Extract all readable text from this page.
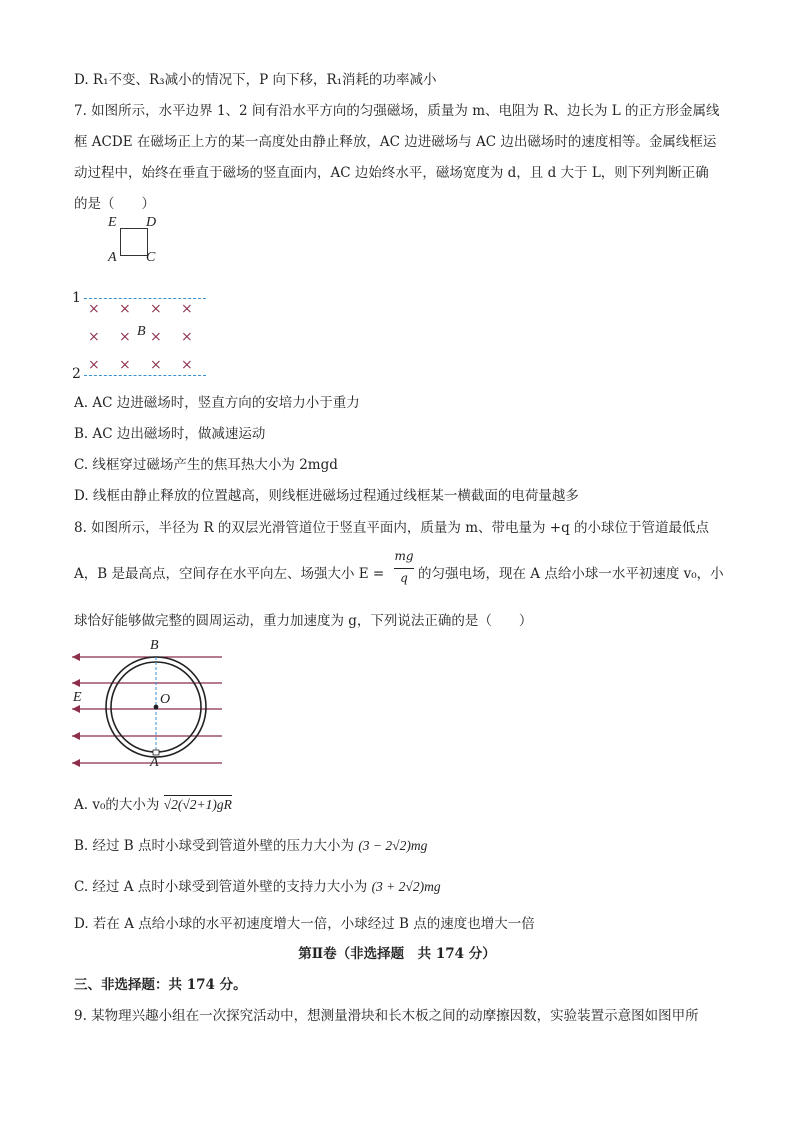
D. R₁不变、R₃减小的情况下，P 向下移，R₁消耗的功率减小
7. 如图所示，水平边界 1、2 间有沿水平方向的匀强磁场，质量为 m、电阻为 R、边长为 L 的正方形金属线
框 ACDE 在磁场正上方的某一高度处由静止释放，AC 边进磁场与 AC 边出磁场时的速度相等。金属线框运
动过程中，始终在垂直于磁场的竖直面内，AC 边始终水平，磁场宽度为 d，且 d 大于 L，则下列判断正确
的是（　　）
E D
A C
1
2
B
× × × ×
× × × ×
× × × ×
A. AC 边进磁场时，竖直方向的安培力小于重力
B. AC 边出磁场时，做减速运动
C. 线框穿过磁场产生的焦耳热大小为 2mgd
D. 线框由静止释放的位置越高，则线框进磁场过程通过线框某一横截面的电荷量越多
8. 如图所示，半径为 R 的双层光滑管道位于竖直平面内，质量为 m、带电量为 +q 的小球位于管道最低点
A，B 是最高点，空间存在水平向左、场强大小 E =
mg
q 的匀强电场，现在 A 点给小球一水平初速度 v₀，小
球恰好能够做完整的圆周运动，重力加速度为 g，下列说法正确的是（　　）
B
O
A
E
A. v₀的大小为 √2(√2+1)gR
B. 经过 B 点时小球受到管道外壁的压力大小为 (3 − 2√2)mg
C. 经过 A 点时小球受到管道外壁的支持力大小为 (3 + 2√2)mg
D. 若在 A 点给小球的水平初速度增大一倍，小球经过 B 点的速度也增大一倍
第Ⅱ卷（非选择题　共 174 分）
三、非选择题：共 174 分。
9. 某物理兴趣小组在一次探究活动中，想测量滑块和长木板之间的动摩擦因数，实验装置示意图如图甲所
